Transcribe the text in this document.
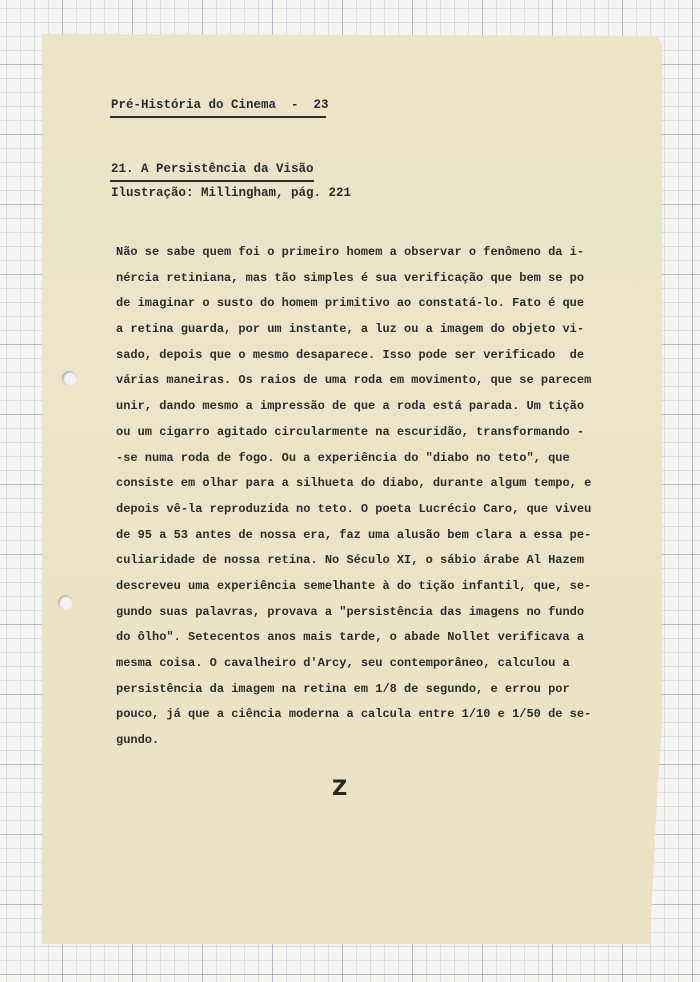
Pré-História do Cinema  -  23
21. A Persistência da Visão
Ilustração: Millingham, pág. 221
Não se sabe quem foi o primeiro homem a observar o fenômeno da i-
nércia retiniana, mas tão simples é sua verificação que bem se po
de imaginar o susto do homem primitivo ao constatá-lo. Fato é que
a retina guarda, por um instante, a luz ou a imagem do objeto vi-
sado, depois que o mesmo desaparece. Isso pode ser verificado  de
várias maneiras. Os raios de uma roda em movimento, que se parecem
unir, dando mesmo a impressão de que a roda está parada. Um tição
ou um cigarro agitado circularmente na escuridão, transformando -
-se numa roda de fogo. Ou a experiência do "diabo no teto", que
consiste em olhar para a silhueta do diabo, durante algum tempo, e
depois vê-la reproduzida no teto. O poeta Lucrécio Caro, que viveu
de 95 a 53 antes de nossa era, faz uma alusão bem clara a essa pe-
culiaridade de nossa retina. No Século XI, o sábio árabe Al Hazem
descreveu uma experiência semelhante à do tição infantil, que, se-
gundo suas palavras, provava a "persistência das imagens no fundo
do ôlho". Setecentos anos mais tarde, o abade Nollet verificava a
mesma coisa. O cavalheiro d'Arcy, seu contemporâneo, calculou a
persistência da imagem na retina em 1/8 de segundo, e errou por
pouco, já que a ciência moderna a calcula entre 1/10 e 1/50 de se-
gundo.
Z
